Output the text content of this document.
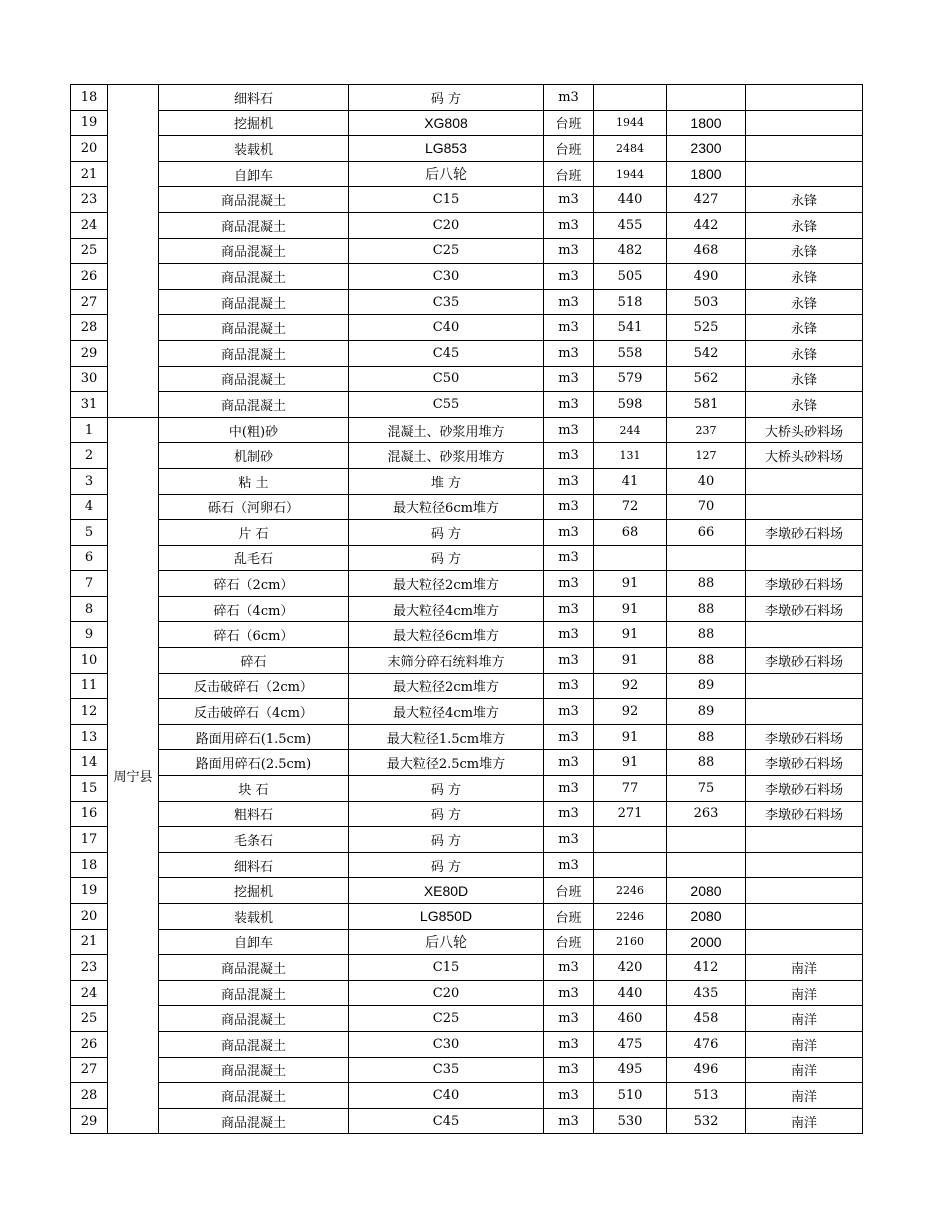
18		细料石	码 方	m3			
19		挖掘机	XG808	台班	1944	1800	
20		装载机	LG853	台班	2484	2300	
21		自卸车	后八轮	台班	1944	1800	
23		商品混凝土	C15	m3	440	427	永锋
24		商品混凝土	C20	m3	455	442	永锋
25		商品混凝土	C25	m3	482	468	永锋
26		商品混凝土	C30	m3	505	490	永锋
27		商品混凝土	C35	m3	518	503	永锋
28		商品混凝土	C40	m3	541	525	永锋
29		商品混凝土	C45	m3	558	542	永锋
30		商品混凝土	C50	m3	579	562	永锋
31		商品混凝土	C55	m3	598	581	永锋
1	周宁县	中(粗)砂	混凝土、砂浆用堆方	m3	244	237	大桥头砂料场
2		机制砂	混凝土、砂浆用堆方	m3	131	127	大桥头砂料场
3		粘 土	堆 方	m3	41	40	
4		砾石（河卵石）	最大粒径6cm堆方	m3	72	70	
5		片 石	码 方	m3	68	66	李墩砂石料场
6		乱毛石	码 方	m3			
7		碎石（2cm）	最大粒径2cm堆方	m3	91	88	李墩砂石料场
8		碎石（4cm）	最大粒径4cm堆方	m3	91	88	李墩砂石料场
9		碎石（6cm）	最大粒径6cm堆方	m3	91	88	
10		碎石	末筛分碎石统料堆方	m3	91	88	李墩砂石料场
11		反击破碎石（2cm）	最大粒径2cm堆方	m3	92	89	
12		反击破碎石（4cm）	最大粒径4cm堆方	m3	92	89	
13		路面用碎石(1.5cm)	最大粒径1.5cm堆方	m3	91	88	李墩砂石料场
14		路面用碎石(2.5cm)	最大粒径2.5cm堆方	m3	91	88	李墩砂石料场
15		块 石	码 方	m3	77	75	李墩砂石料场
16		粗料石	码 方	m3	271	263	李墩砂石料场
17		毛条石	码 方	m3			
18		细料石	码 方	m3			
19		挖掘机	XE80D	台班	2246	2080	
20		装载机	LG850D	台班	2246	2080	
21		自卸车	后八轮	台班	2160	2000	
23		商品混凝土	C15	m3	420	412	南洋
24		商品混凝土	C20	m3	440	435	南洋
25		商品混凝土	C25	m3	460	458	南洋
26		商品混凝土	C30	m3	475	476	南洋
27		商品混凝土	C35	m3	495	496	南洋
28		商品混凝土	C40	m3	510	513	南洋
29		商品混凝土	C45	m3	530	532	南洋
